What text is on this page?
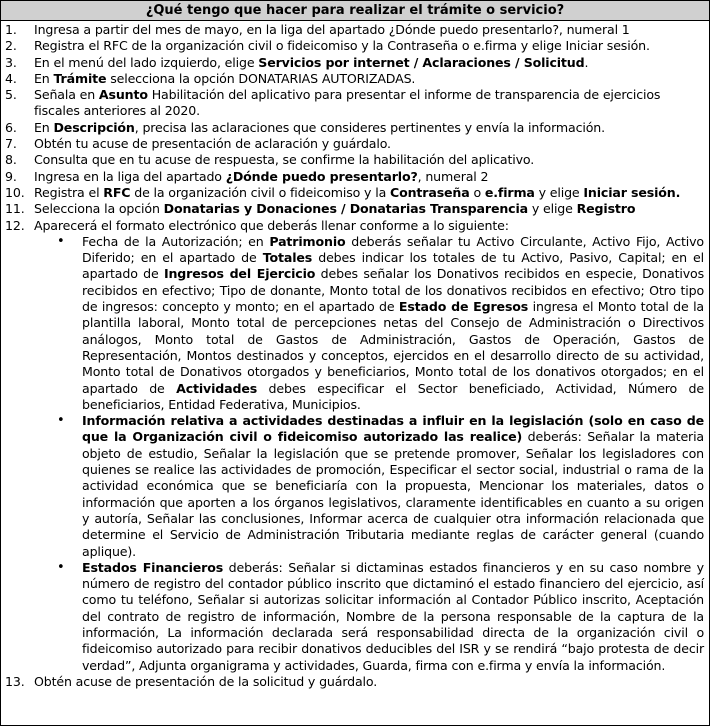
¿Qué tengo que hacer para realizar el trámite o servicio?
1. Ingresa a partir del mes de mayo, en la liga del apartado ¿Dónde puedo presentarlo?, numeral 1
2. Registra el RFC de la organización civil o fideicomiso y la Contraseña o e.firma y elige Iniciar sesión.
3. En el menú del lado izquierdo, elige Servicios por internet / Aclaraciones / Solicitud.
4. En Trámite selecciona la opción DONATARIAS AUTORIZADAS.
5. Señala en Asunto Habilitación del aplicativo para presentar el informe de transparencia de ejercicios fiscales anteriores al 2020.
6. En Descripción, precisa las aclaraciones que consideres pertinentes y envía la información.
7. Obtén tu acuse de presentación de aclaración y guárdalo.
8. Consulta que en tu acuse de respuesta, se confirme la habilitación del aplicativo.
9. Ingresa en la liga del apartado ¿Dónde puedo presentarlo?, numeral 2
10. Registra el RFC de la organización civil o fideicomiso y la Contraseña o e.firma y elige Iniciar sesión.
11. Selecciona la opción Donatarias y Donaciones / Donatarias Transparencia y elige Registro
12. Aparecerá el formato electrónico que deberás llenar conforme a lo siguiente:
• Fecha de la Autorización; en Patrimonio deberás señalar tu Activo Circulante, Activo Fijo, Activo Diferido; en el apartado de Totales debes indicar los totales de tu Activo, Pasivo, Capital; en el apartado de Ingresos del Ejercicio debes señalar los Donativos recibidos en especie, Donativos recibidos en efectivo; Tipo de donante, Monto total de los donativos recibidos en efectivo; Otro tipo de ingresos: concepto y monto; en el apartado de Estado de Egresos ingresa el Monto total de la plantilla laboral, Monto total de percepciones netas del Consejo de Administración o Directivos análogos, Monto total de Gastos de Administración, Gastos de Operación, Gastos de Representación, Montos destinados y conceptos, ejercidos en el desarrollo directo de su actividad, Monto total de Donativos otorgados y beneficiarios, Monto total de los donativos otorgados; en el apartado de Actividades debes especificar el Sector beneficiado, Actividad, Número de beneficiarios, Entidad Federativa, Municipios.
• Información relativa a actividades destinadas a influir en la legislación (solo en caso de que la Organización civil o fideicomiso autorizado las realice) deberás: Señalar la materia objeto de estudio, Señalar la legislación que se pretende promover, Señalar los legisladores con quienes se realice las actividades de promoción, Especificar el sector social, industrial o rama de la actividad económica que se beneficiaría con la propuesta, Mencionar los materiales, datos o información que aporten a los órganos legislativos, claramente identificables en cuanto a su origen y autoría, Señalar las conclusiones, Informar acerca de cualquier otra información relacionada que determine el Servicio de Administración Tributaria mediante reglas de carácter general (cuando aplique).
• Estados Financieros deberás: Señalar si dictaminas estados financieros y en su caso nombre y número de registro del contador público inscrito que dictaminó el estado financiero del ejercicio, así como tu teléfono, Señalar si autorizas solicitar información al Contador Público inscrito, Aceptación del contrato de registro de información, Nombre de la persona responsable de la captura de la información, La información declarada será responsabilidad directa de la organización civil o fideicomiso autorizado para recibir donativos deducibles del ISR y se rendirá “bajo protesta de decir verdad”, Adjunta organigrama y actividades, Guarda, firma con e.firma y envía la información.
13. Obtén acuse de presentación de la solicitud y guárdalo.
